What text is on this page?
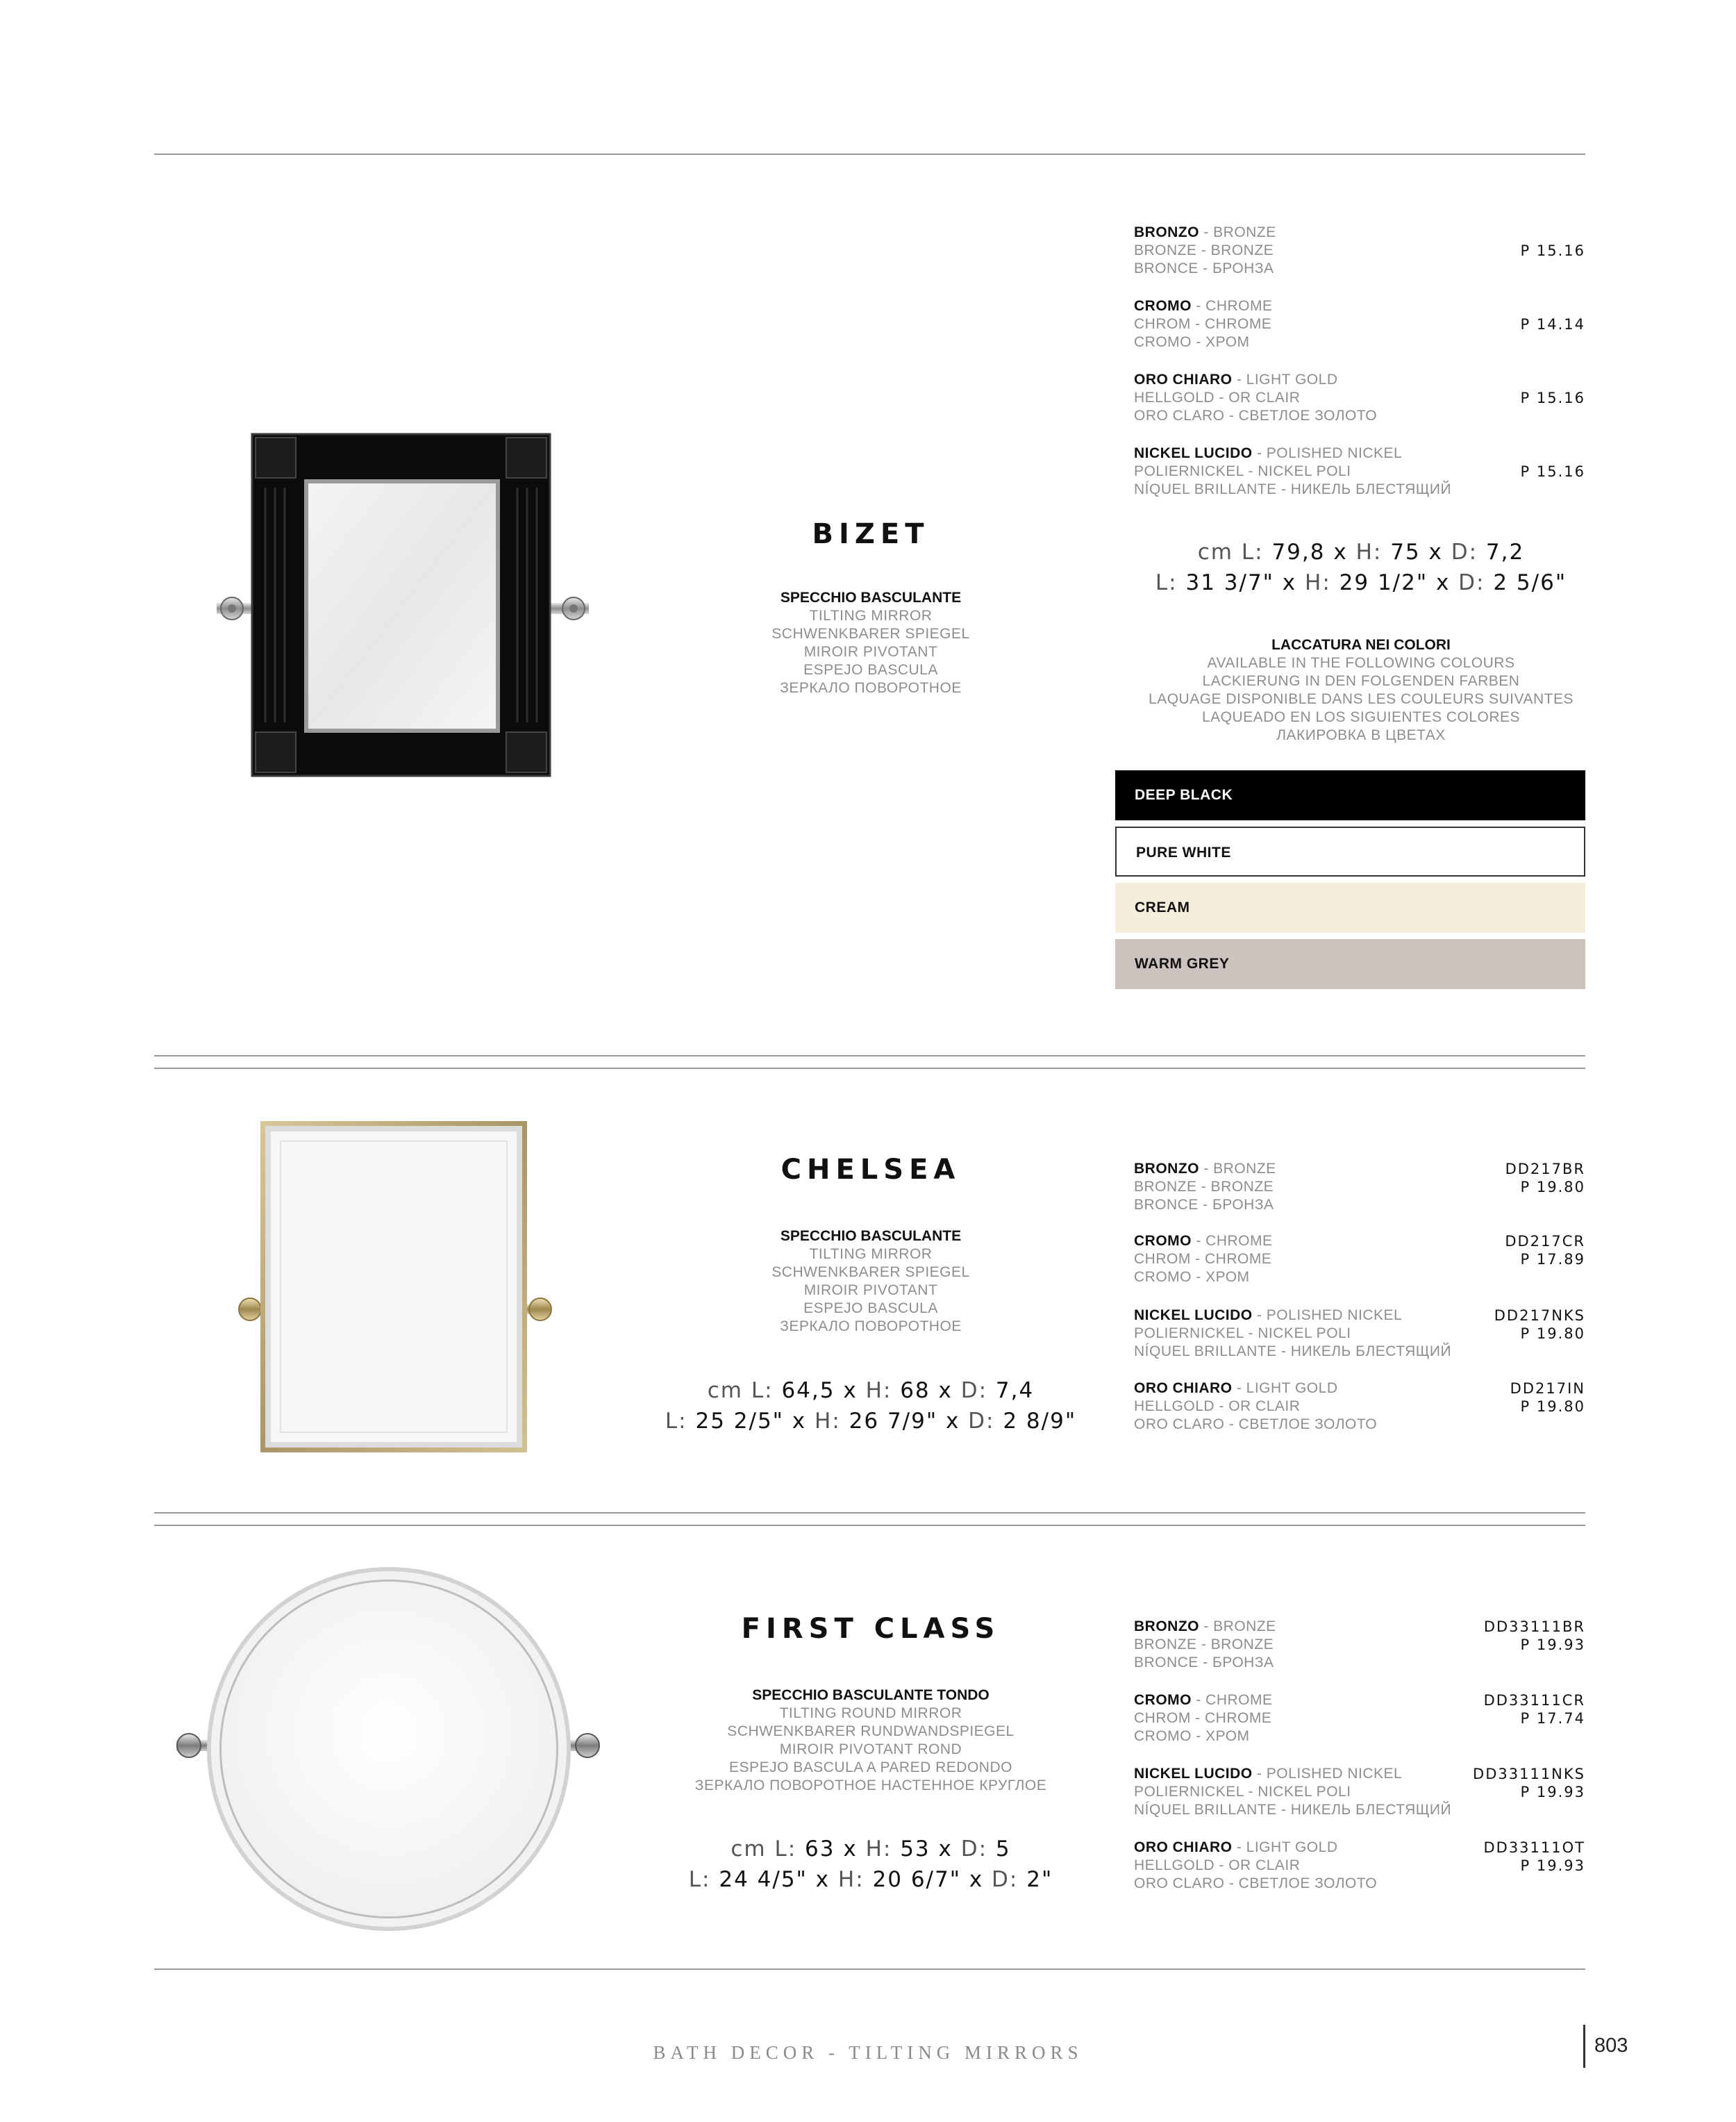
BIZET
SPECCHIO BASCULANTE
TILTING MIRROR
SCHWENKBARER SPIEGEL
MIROIR PIVOTANT
ESPEJO BASCULA
ЗЕРКАЛО ПОВОРОТНОЕ
BRONZO - BRONZE
BRONZE - BRONZE
BRONCE - БРОНЗА
P 15.16
CROMO - CHROME
CHROM - CHROME
CROMO - ХРОМ
P 14.14
ORO CHIARO - LIGHT GOLD
HELLGOLD - OR CLAIR
ORO CLARO - СВЕТЛОЕ ЗОЛОТО
P 15.16
NICKEL LUCIDO - POLISHED NICKEL
POLIERNICKEL - NICKEL POLI
NÍQUEL BRILLANTE - НИКЕЛЬ БЛЕСТЯЩИЙ
P 15.16
cm L: 79,8 x H: 75 x D: 7,2
L: 31 3/7" x H: 29 1/2" x D: 2 5/6"
LACCATURA NEI COLORI
AVAILABLE IN THE FOLLOWING COLOURS
LACKIERUNG IN DEN FOLGENDEN FARBEN
LAQUAGE DISPONIBLE DANS LES COULEURS SUIVANTES
LAQUEADO EN LOS SIGUIENTES COLORES
ЛАКИРОВКА В ЦВЕТАХ
DEEP BLACK
PURE WHITE
CREAM
WARM GREY
CHELSEA
SPECCHIO BASCULANTE
TILTING MIRROR
SCHWENKBARER SPIEGEL
MIROIR PIVOTANT
ESPEJO BASCULA
ЗЕРКАЛО ПОВОРОТНОЕ
cm L: 64,5 x H: 68 x D: 7,4
L: 25 2/5" x H: 26 7/9" x D: 2 8/9"
BRONZO - BRONZE
BRONZE - BRONZE
BRONCE - БРОНЗА
DD217BR
P 19.80
CROMO - CHROME
CHROM - CHROME
CROMO - ХРОМ
DD217CR
P 17.89
NICKEL LUCIDO - POLISHED NICKEL
POLIERNICKEL - NICKEL POLI
NÍQUEL BRILLANTE - НИКЕЛЬ БЛЕСТЯЩИЙ
DD217NKS
P 19.80
ORO CHIARO - LIGHT GOLD
HELLGOLD - OR CLAIR
ORO CLARO - СВЕТЛОЕ ЗОЛОТО
DD217IN
P 19.80
FIRST CLASS
SPECCHIO BASCULANTE TONDO
TILTING ROUND MIRROR
SCHWENKBARER RUNDWANDSPIEGEL
MIROIR PIVOTANT ROND
ESPEJO BASCULA A PARED REDONDO
ЗЕРКАЛО ПОВОРОТНОЕ НАСТЕННОЕ КРУГЛОЕ
cm L: 63 x H: 53 x D: 5
L: 24 4/5" x H: 20 6/7" x D: 2"
BRONZO - BRONZE
BRONZE - BRONZE
BRONCE - БРОНЗА
DD33111BR
P 19.93
CROMO - CHROME
CHROM - CHROME
CROMO - ХРОМ
DD33111CR
P 17.74
NICKEL LUCIDO - POLISHED NICKEL
POLIERNICKEL - NICKEL POLI
NÍQUEL BRILLANTE - НИКЕЛЬ БЛЕСТЯЩИЙ
DD33111NKS
P 19.93
ORO CHIARO - LIGHT GOLD
HELLGOLD - OR CLAIR
ORO CLARO - СВЕТЛОЕ ЗОЛОТО
DD33111OT
P 19.93
BATH DECOR - TILTING MIRRORS	803
